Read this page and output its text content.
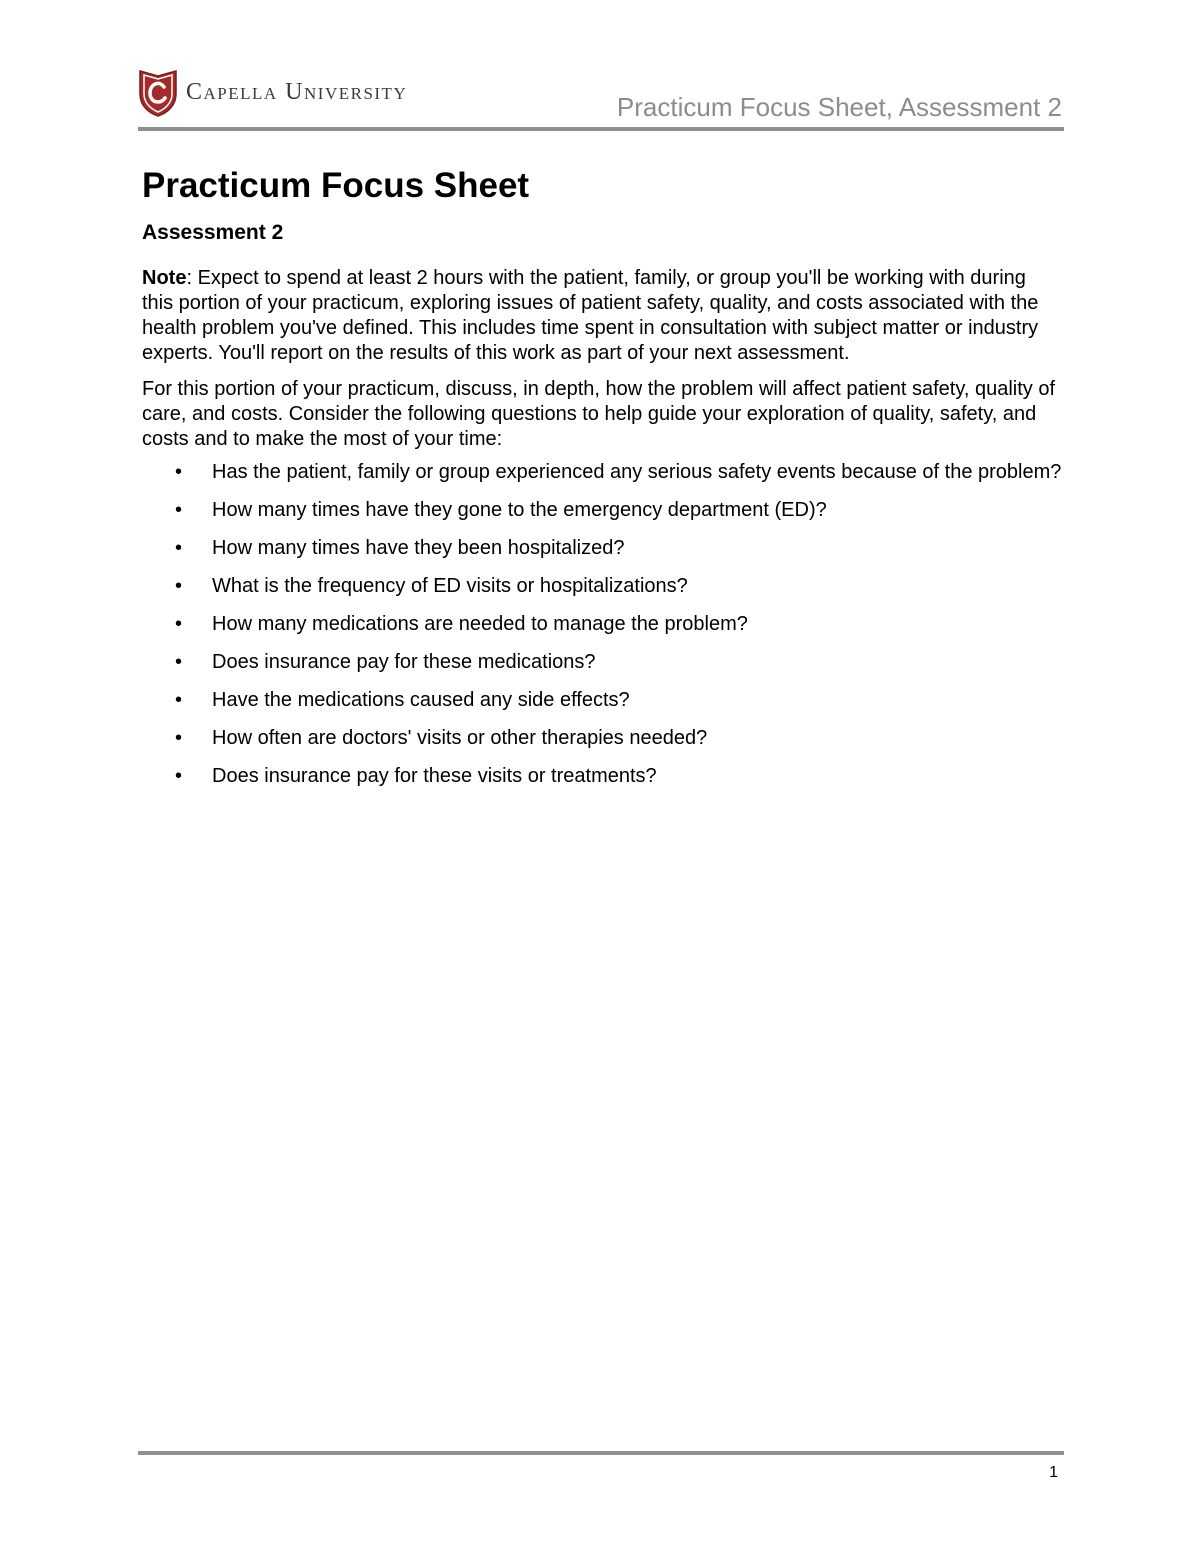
Capella University
Practicum Focus Sheet, Assessment 2
Practicum Focus Sheet
Assessment 2

Note: Expect to spend at least 2 hours with the patient, family, or group you'll be working with during this portion of your practicum, exploring issues of patient safety, quality, and costs associated with the health problem you've defined. This includes time spent in consultation with subject matter or industry experts. You'll report on the results of this work as part of your next assessment.

For this portion of your practicum, discuss, in depth, how the problem will affect patient safety, quality of care, and costs. Consider the following questions to help guide your exploration of quality, safety, and costs and to make the most of your time:

• Has the patient, family or group experienced any serious safety events because of the problem?
• How many times have they gone to the emergency department (ED)?
• How many times have they been hospitalized?
• What is the frequency of ED visits or hospitalizations?
• How many medications are needed to manage the problem?
• Does insurance pay for these medications?
• Have the medications caused any side effects?
• How often are doctors' visits or other therapies needed?
• Does insurance pay for these visits or treatments?
1
